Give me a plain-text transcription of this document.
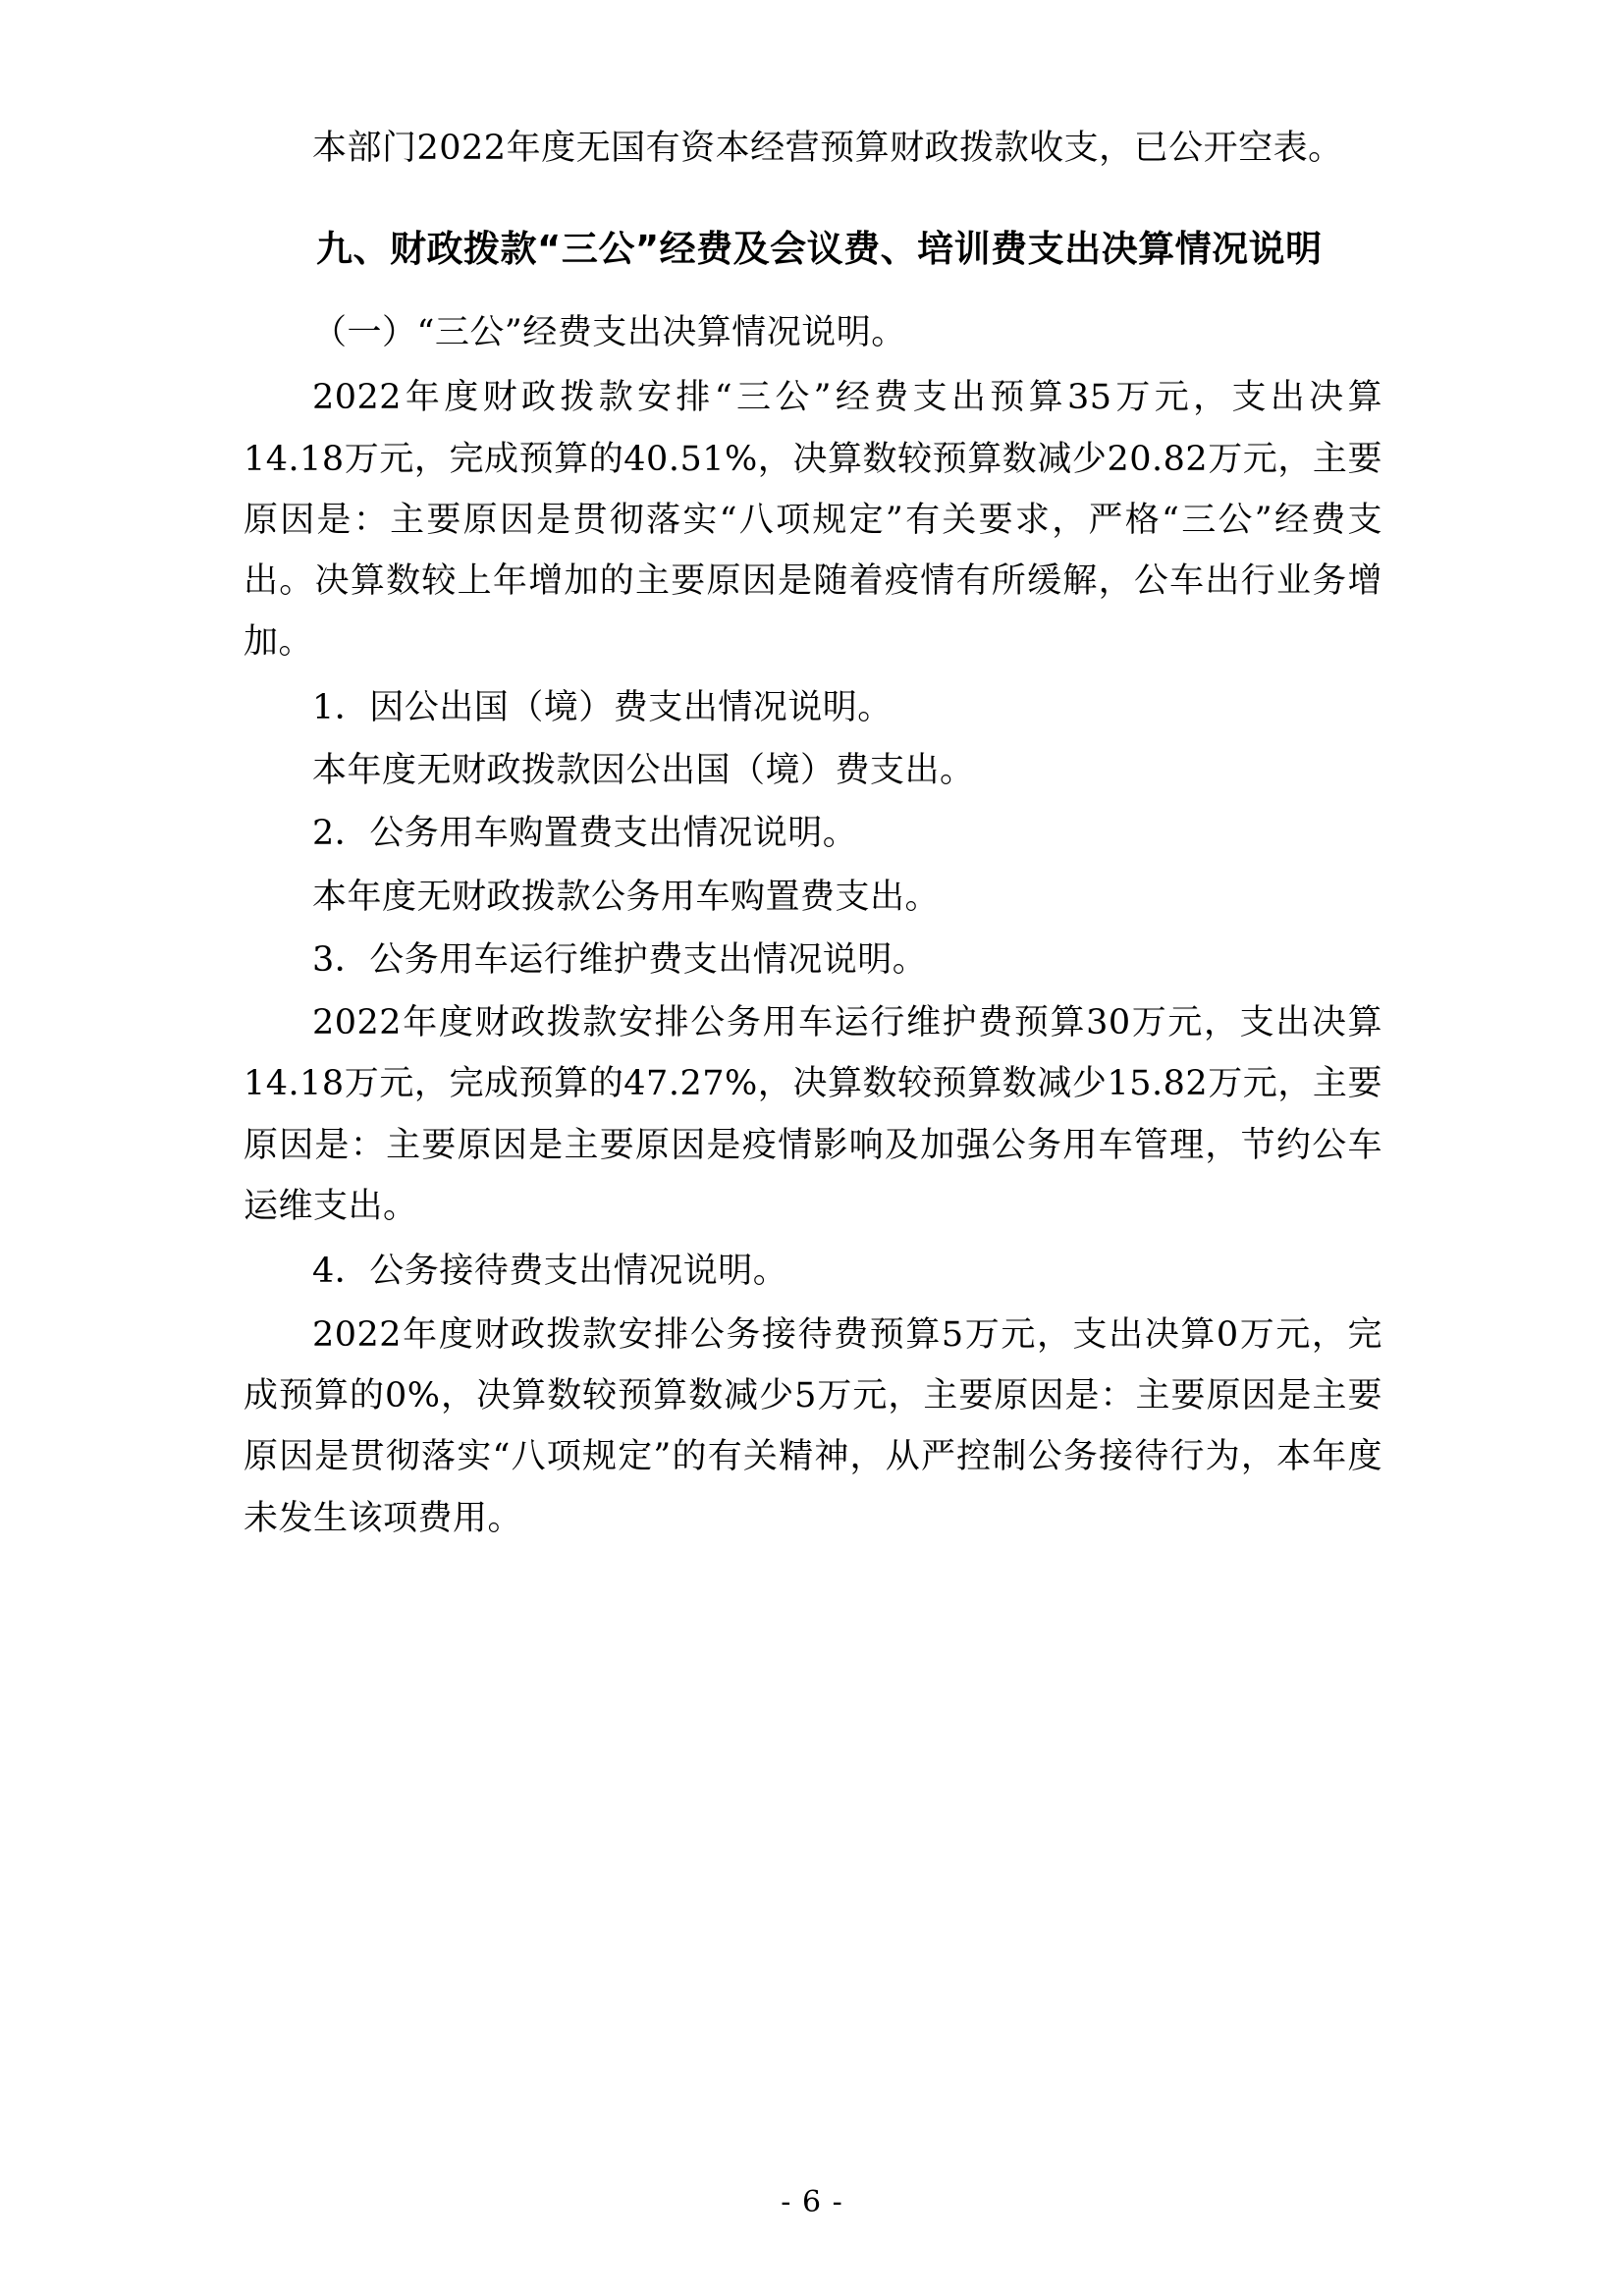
本部门2022年度无国有资本经营预算财政拨款收支，已公开空表。

九、财政拨款“三公”经费及会议费、培训费支出决算情况说明

（一）“三公”经费支出决算情况说明。

2022年度财政拨款安排“三公”经费支出预算35万元，支出决算14.18万元，完成预算的40.51%，决算数较预算数减少20.82万元，主要原因是：主要原因是贯彻落实“八项规定”有关要求，严格“三公”经费支出。决算数较上年增加的主要原因是随着疫情有所缓解，公车出行业务增加。

1．因公出国（境）费支出情况说明。

本年度无财政拨款因公出国（境）费支出。

2．公务用车购置费支出情况说明。

本年度无财政拨款公务用车购置费支出。

3．公务用车运行维护费支出情况说明。

2022年度财政拨款安排公务用车运行维护费预算30万元，支出决算14.18万元，完成预算的47.27%，决算数较预算数减少15.82万元，主要原因是：主要原因是主要原因是疫情影响及加强公务用车管理，节约公车运维支出。

4．公务接待费支出情况说明。

2022年度财政拨款安排公务接待费预算5万元，支出决算0万元，完成预算的0%，决算数较预算数减少5万元，主要原因是：主要原因是主要原因是贯彻落实“八项规定”的有关精神，从严控制公务接待行为，本年度未发生该项费用。

- 6 -
